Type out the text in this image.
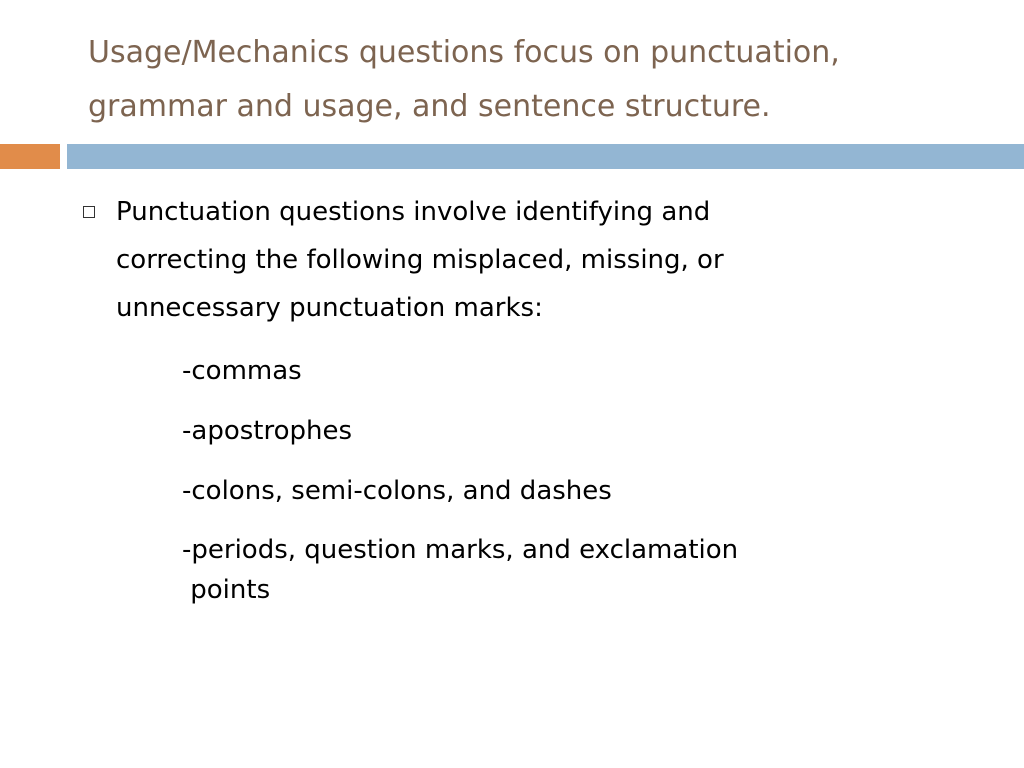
Usage/Mechanics questions focus on punctuation,
grammar and usage, and sentence structure.

Punctuation questions involve identifying and
correcting the following misplaced, missing, or
unnecessary punctuation marks:

-commas

-apostrophes

-colons, semi-colons, and dashes

-periods, question marks, and exclamation
points
